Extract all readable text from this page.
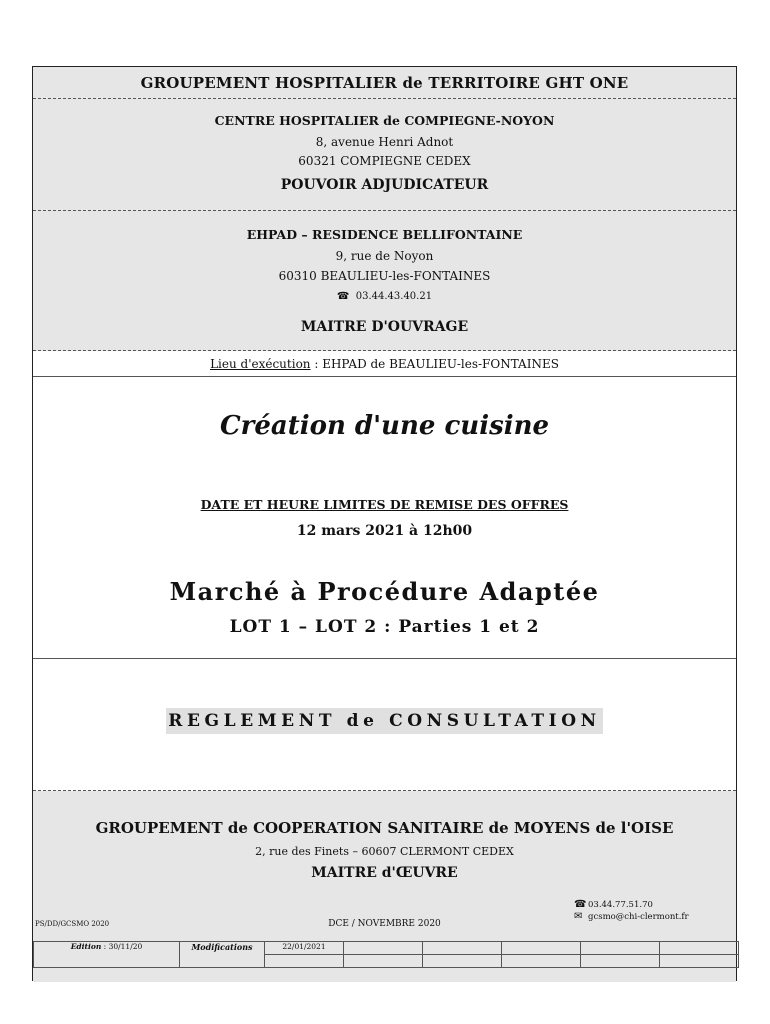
GROUPEMENT HOSPITALIER de TERRITOIRE GHT ONE
CENTRE HOSPITALIER de COMPIEGNE-NOYON
8, avenue Henri Adnot
60321 COMPIEGNE CEDEX
POUVOIR ADJUDICATEUR
EHPAD – RESIDENCE BELLIFONTAINE
9, rue de Noyon
60310 BEAULIEU-les-FONTAINES
☎ 03.44.43.40.21
MAITRE D'OUVRAGE
Lieu d'exécution : EHPAD de BEAULIEU-les-FONTAINES
Création d'une cuisine
DATE ET HEURE LIMITES DE REMISE DES OFFRES
12 mars 2021 à 12h00
Marché à Procédure Adaptée
LOT 1 – LOT 2 : Parties 1 et 2
REGLEMENT de CONSULTATION
GROUPEMENT de COOPERATION SANITAIRE de MOYENS de l'OISE
2, rue des Finets – 60607 CLERMONT CEDEX
MAITRE d'ŒUVRE
☎ 03.44.77.51.70
✉ gcsmo@chi-clermont.fr
PS/DD/GCSMO 2020	DCE / NOVEMBRE 2020
Edition : 30/11/20	Modifications	22/01/2021					
